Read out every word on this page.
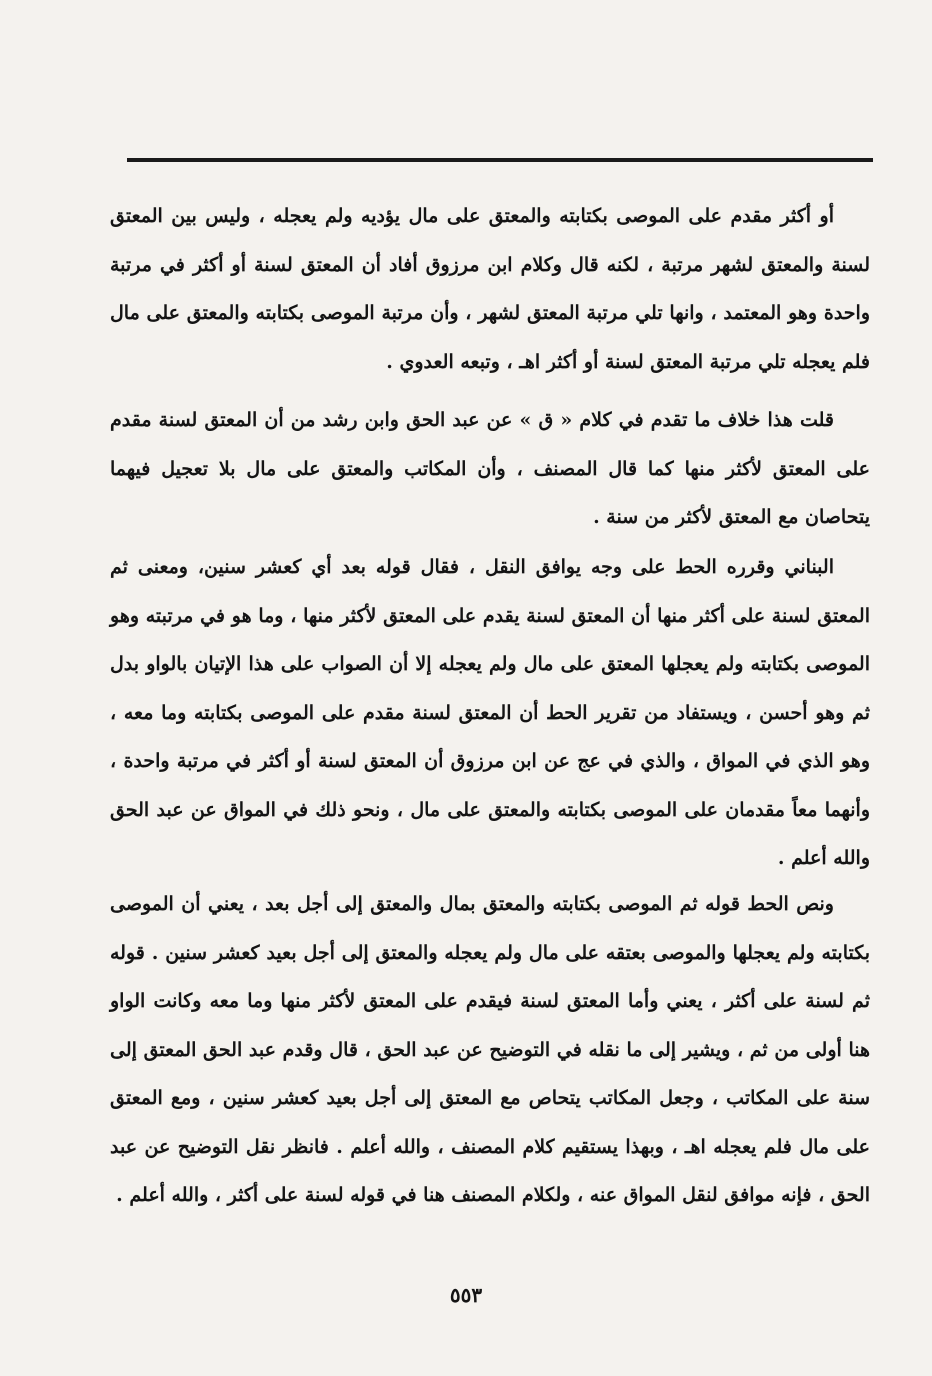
أو أكثر مقدم على الموصى بكتابته والمعتق على مال يؤديه ولم يعجله ، وليس بين المعتق لسنة والمعتق لشهر مرتبة ، لكنه قال وكلام ابن مرزوق أفاد أن المعتق لسنة أو أكثر في مرتبة واحدة وهو المعتمد ، وانها تلي مرتبة المعتق لشهر ، وأن مرتبة الموصى بكتابته والمعتق على مال فلم يعجله تلي مرتبة المعتق لسنة أو أكثر اهـ ، وتبعه العدوي .

قلت هذا خلاف ما تقدم في كلام « ق » عن عبد الحق وابن رشد من أن المعتق لسنة مقدم على المعتق لأكثر منها كما قال المصنف ، وأن المكاتب والمعتق على مال بلا تعجيل فيهما يتحاصان مع المعتق لأكثر من سنة .

البناني وقرره الحط على وجه يوافق النقل ، فقال قوله بعد أي كعشر سنين، ومعنى ثم المعتق لسنة على أكثر منها أن المعتق لسنة يقدم على المعتق لأكثر منها ، وما هو في مرتبته وهو الموصى بكتابته ولم يعجلها المعتق على مال ولم يعجله إلا أن الصواب على هذا الإتيان بالواو بدل ثم وهو أحسن ، ويستفاد من تقرير الحط أن المعتق لسنة مقدم على الموصى بكتابته وما معه ، وهو الذي في المواق ، والذي في عج عن ابن مرزوق أن المعتق لسنة أو أكثر في مرتبة واحدة ، وأنهما معاً مقدمان على الموصى بكتابته والمعتق على مال ، ونحو ذلك في المواق عن عبد الحق والله أعلم .

ونص الحط قوله ثم الموصى بكتابته والمعتق بمال والمعتق إلى أجل بعد ، يعني أن الموصى بكتابته ولم يعجلها والموصى بعتقه على مال ولم يعجله والمعتق إلى أجل بعيد كعشر سنين . قوله ثم لسنة على أكثر ، يعني وأما المعتق لسنة فيقدم على المعتق لأكثر منها وما معه وكانت الواو هنا أولى من ثم ، ويشير إلى ما نقله في التوضيح عن عبد الحق ، قال وقدم عبد الحق المعتق إلى سنة على المكاتب ، وجعل المكاتب يتحاص مع المعتق إلى أجل بعيد كعشر سنين ، ومع المعتق على مال فلم يعجله اهـ ، وبهذا يستقيم كلام المصنف ، والله أعلم . فانظر نقل التوضيح عن عبد الحق ، فإنه موافق لنقل المواق عنه ، ولكلام المصنف هنا في قوله لسنة على أكثر ، والله أعلم .

٥٥٣
